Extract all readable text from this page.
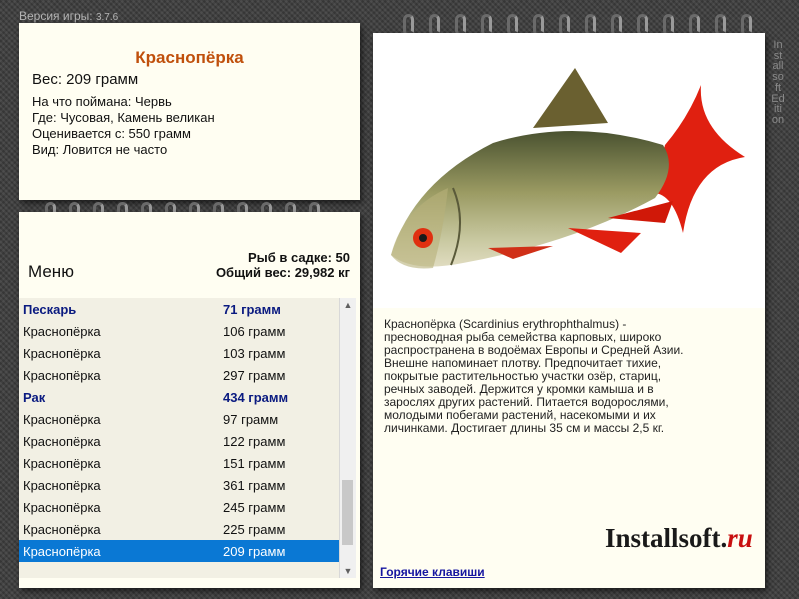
Версия игры: 3.7.6
Installsoft Edition
Краснопёрка
Вес: 209 грамм
На что поймана: Червь
Где: Чусовая, Камень великан
Оценивается с: 550 грамм
Вид: Ловится не часто
Меню
Рыб в садке: 50
Общий вес: 29,982 кг
Пескарь	71 грамм
Краснопёрка	106 грамм
Краснопёрка	103 грамм
Краснопёрка	297 грамм
Рак	434 грамм
Краснопёрка	97 грамм
Краснопёрка	122 грамм
Краснопёрка	151 грамм
Краснопёрка	361 грамм
Краснопёрка	245 грамм
Краснопёрка	225 грамм
Краснопёрка	209 грамм
▲
▼
Краснопёрка (Scardinius erythrophthalmus) -
пресноводная рыба семейства карповых, широко
распространена в водоёмах Европы и Средней Азии.
Внешне напоминает плотву. Предпочитает тихие,
покрытые растительностью участки озёр, стариц,
речных заводей. Держится у кромки камыша и в
зарослях других растений. Питается водорослями,
молодыми побегами растений, насекомыми и их
личинками. Достигает длины 35 см и массы 2,5 кг.
Installsoft.ru
Горячие клавиши
